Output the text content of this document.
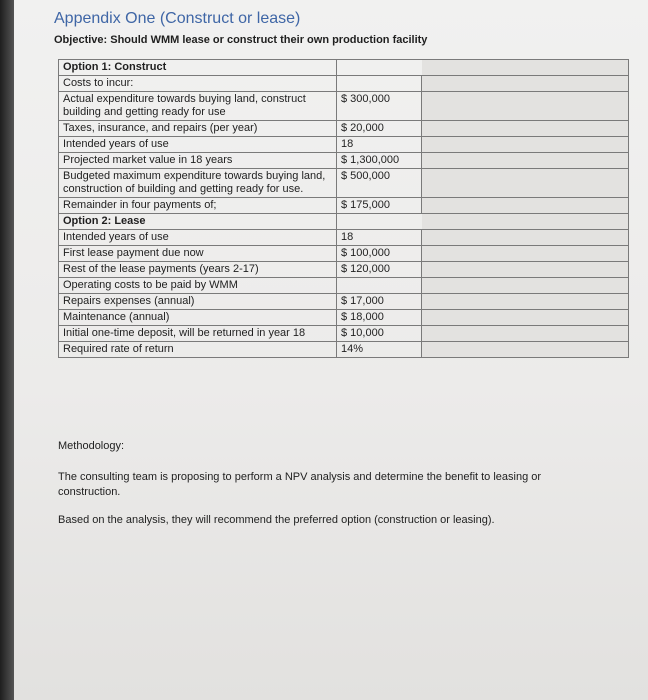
Appendix One (Construct or lease)
Objective: Should WMM lease or construct their own production facility
Option 1: Construct		
Costs to incur:		
Actual expenditure towards buying land, construct building and getting ready for use	$ 300,000	
Taxes, insurance, and repairs (per year)	$ 20,000	
Intended years of use	18	
Projected market value in 18 years	$ 1,300,000	
Budgeted maximum expenditure towards buying land, construction of building and getting ready for use.	$ 500,000	
Remainder in four payments of;	$ 175,000	
Option 2: Lease		
Intended years of use	18	
First lease payment due now	$ 100,000	
Rest of the lease payments (years 2-17)	$ 120,000	
Operating costs to be paid by WMM		
Repairs expenses (annual)	$ 17,000	
Maintenance (annual)	$ 18,000	
Initial one-time deposit, will be returned in year 18	$ 10,000	
Required rate of return	14%	
Methodology:
The consulting team is proposing to perform a NPV analysis and determine the benefit to leasing or construction.
Based on the analysis, they will recommend the preferred option (construction or leasing).
